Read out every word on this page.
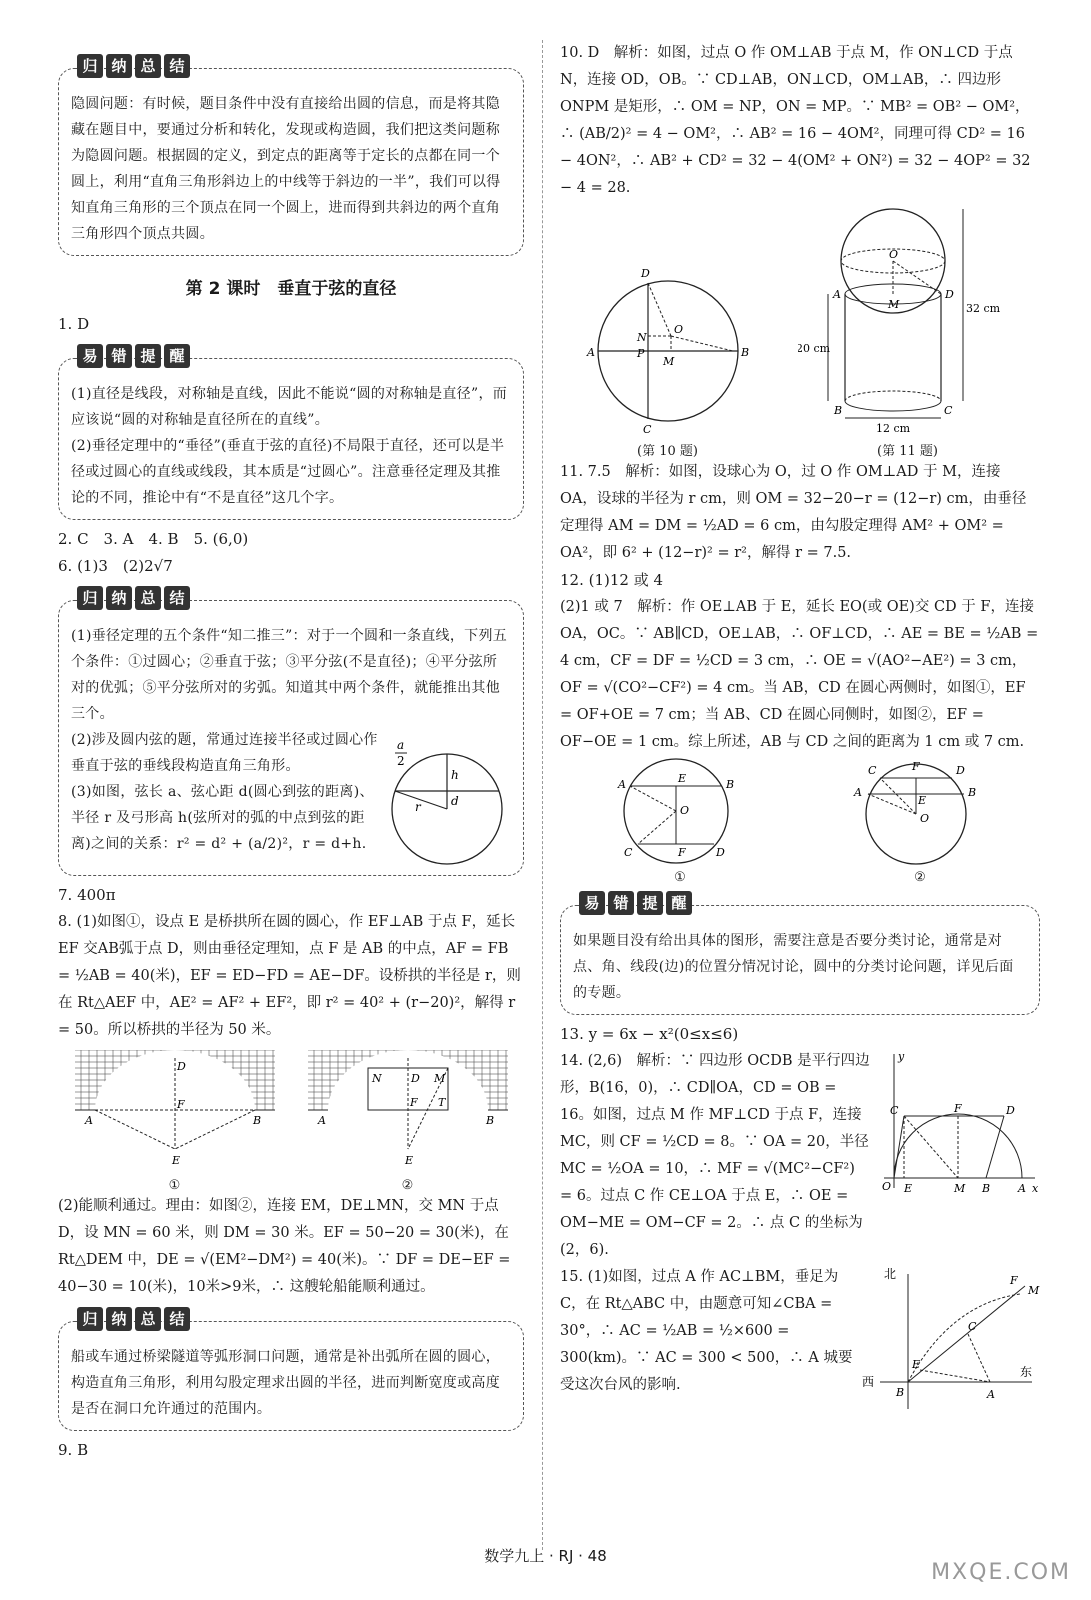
归 纳 总 结

隐圆问题：有时候，题目条件中没有直接给出圆的信息，而是将其隐藏在题目中，要通过分析和转化，发现或构造圆，我们把这类问题称为隐圆问题。根据圆的定义，到定点的距离等于定长的点都在同一个圆上，利用“直角三角形斜边上的中线等于斜边的一半”，我们可以得知直角三角形的三个顶点在同一个圆上，进而得到共斜边的两个直角三角形四个顶点共圆。

第 2 课时　垂直于弦的直径

1. D

易 错 提 醒

(1)直径是线段，对称轴是直线，因此不能说“圆的对称轴是直径”，而应该说“圆的对称轴是直径所在的直线”。

(2)垂径定理中的“垂径”(垂直于弦的直径)不局限于直径，还可以是半径或过圆心的直线或线段，其本质是“过圆心”。注意垂径定理及其推论的不同，推论中有“不是直径”这几个字。

2. C　3. A　4. B　5. (6,0)

6. (1)3　(2)2√7

归 纳 总 结

(1)垂径定理的五个条件“知二推三”：对于一个圆和一条直线，下列五个条件：①过圆心；②垂直于弦；③平分弦(不是直径)；④平分弦所对的优弧；⑤平分弦所对的劣弧。知道其中两个条件，就能推出其他三个。

(2)涉及圆内弦的题，常通过连接半径或过圆心作垂直于弦的垂线段构造直角三角形。

(3)如图，弦长 a、弦心距 d(圆心到弦的距离)、半径 r 及弓形高 h(弦所对的弧的中点到弦的距离)之间的关系：r² = d² + (a/2)²，r = d+h.

a
2
h
d
r

7. 400π

8. (1)如图①，设点 E 是桥拱所在圆的圆心，作 EF⊥AB 于点 F，延长 EF 交AB弧于点 D，则由垂径定理知，点 F 是 AB 的中点，AF = FB = ½AB = 40(米)，EF = ED−FD = AE−DF。设桥拱的半径是 r，则在 Rt△AEF 中，AE² = AF² + EF²，即 r² = 40² + (r−20)²，解得 r = 50。所以桥拱的半径为 50 米。

D
F
A	B
E
①
N	D M
F T
A	B
E
②

(2)能顺利通过。理由：如图②，连接 EM，DE⊥MN，交 MN 于点 D，设 MN = 60 米，则 DM = 30 米。EF = 50−20 = 30(米)，在 Rt△DEM 中，DE = √(EM²−DM²) = 40(米)。∵ DF = DE−EF = 40−30 = 10(米)，10米>9米，∴ 这艘轮船能顺利通过。

归 纳 总 结

船或车通过桥梁隧道等弧形洞口问题，通常是补出弧所在圆的圆心，构造直角三角形，利用勾股定理求出圆的半径，进而判断宽度或高度是否在洞口允许通过的范围内。

9. B

10. D　解析：如图，过点 O 作 OM⊥AB 于点 M，作 ON⊥CD 于点 N，连接 OD，OB。∵ CD⊥AB，ON⊥CD，OM⊥AB，∴ 四边形 ONPM 是矩形，∴ OM = NP，ON = MP。∵ MB² = OB² − OM²，∴ (AB/2)² = 4 − OM²，∴ AB² = 16 − 4OM²，同理可得 CD² = 16 − 4ON²，∴ AB² + CD² = 32 − 4(OM² + ON²) = 32 − 4OP² = 32 − 4 = 28.

D
O
N
P
M
A	B
C
(第 10 题)
O
A	D
M
B	C
20 cm
32 cm
12 cm
(第 11 题)

11. 7.5　解析：如图，设球心为 O，过 O 作 OM⊥AD 于 M，连接 OA，设球的半径为 r cm，则 OM = 32−20−r = (12−r) cm，由垂径定理得 AM = DM = ½AD = 6 cm，由勾股定理得 AM² + OM² = OA²，即 6² + (12−r)² = r²，解得 r = 7.5.

12. (1)12 或 4

(2)1 或 7　解析：作 OE⊥AB 于 E，延长 EO(或 OE)交 CD 于 F，连接 OA，OC。∵ AB∥CD，OE⊥AB，∴ OF⊥CD，∴ AE = BE = ½AB = 4 cm，CF = DF = ½CD = 3 cm，∴ OE = √(AO²−AE²) = 3 cm，OF = √(CO²−CF²) = 4 cm。当 AB，CD 在圆心两侧时，如图①，EF = OF+OE = 7 cm；当 AB、CD 在圆心同侧时，如图②，EF = OF−OE = 1 cm。综上所述，AB 与 CD 之间的距离为 1 cm 或 7 cm.

A	B
E
O
C	F	D
①
C	F	D
A
E
B
O
②
易 错 提 醒

如果题目没有给出具体的图形，需要注意是否要分类讨论，通常是对点、角、线段(边)的位置分情况讨论，圆中的分类讨论问题，详见后面的专题。

13. y = 6x − x²(0≤x≤6)

14. (2,6)　解析：∵ 四边形 OCDB 是平行四边形，B(16，0)，∴ CD∥OA，CD = OB = 16。如图，过点 M 作 MF⊥CD 于点 F，连接 MC，则 CF = ½CD = 8。∵ OA = 20，半径 MC = ½OA = 10，∴ MF = √(MC²−CF²) = 6。过点 C 作 CE⊥OA 于点 E，∴ OE = OM−ME = OM−CF = 2。∴ 点 C 的坐标为(2，6).

y
C	D
F
O E	M B	A x

15. (1)如图，过点 A 作 AC⊥BM，垂足为 C，在 Rt△ABC 中，由题意可知∠CBA = 30°，∴ AC = ½AB = ½×600 = 300(km)。∵ AC = 300 < 500，∴ A 城要受这次台风的影响.

北
西
东
B	A
C
E
F
M
数学九上 · RJ · 48
MXQE.COM
